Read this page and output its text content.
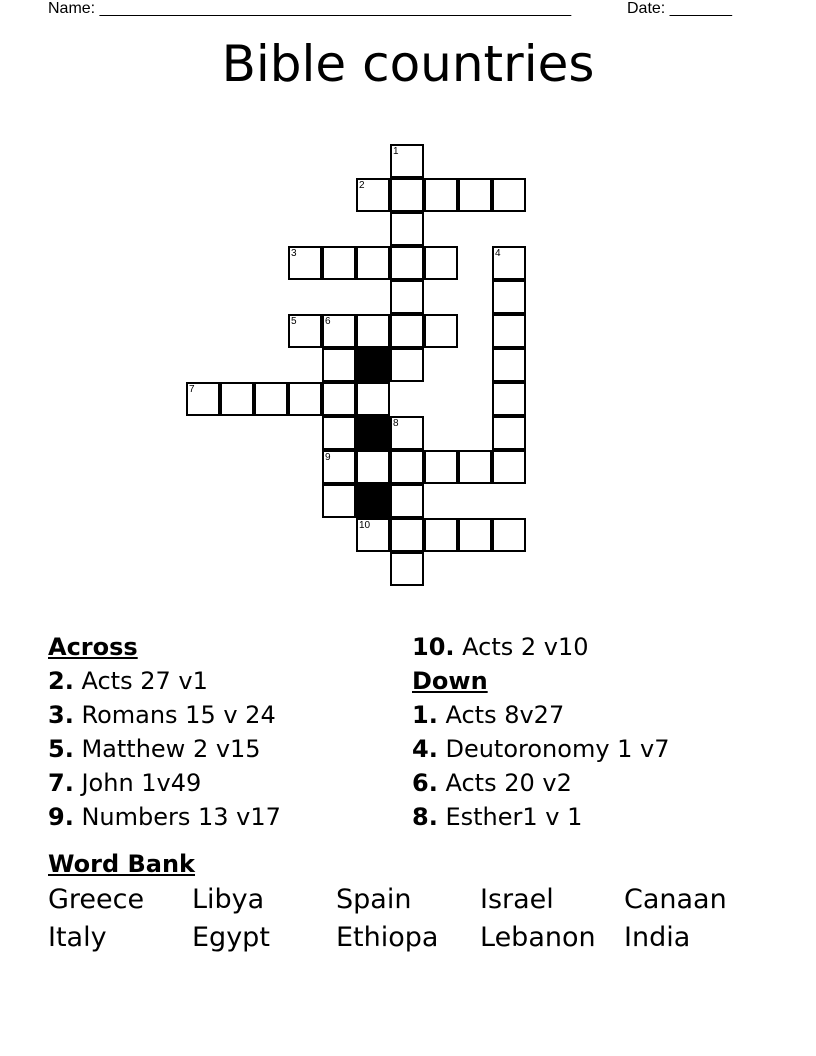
Name: _____________________________________________________	Date: _______
Bible countries
1
2
3	4
5	6
7
8
9
10
Across
2. Acts 27 v1
3. Romans 15 v 24
5. Matthew 2 v15
7. John 1v49
9. Numbers 13 v17
10. Acts 2 v10
Down
1. Acts 8v27
4. Deutoronomy 1 v7
6. Acts 20 v2
8. Esther1 v 1
Word Bank
Greece Libya	Spain	Israel	Canaan
Italy	Egypt Ethiopa Lebanon India
